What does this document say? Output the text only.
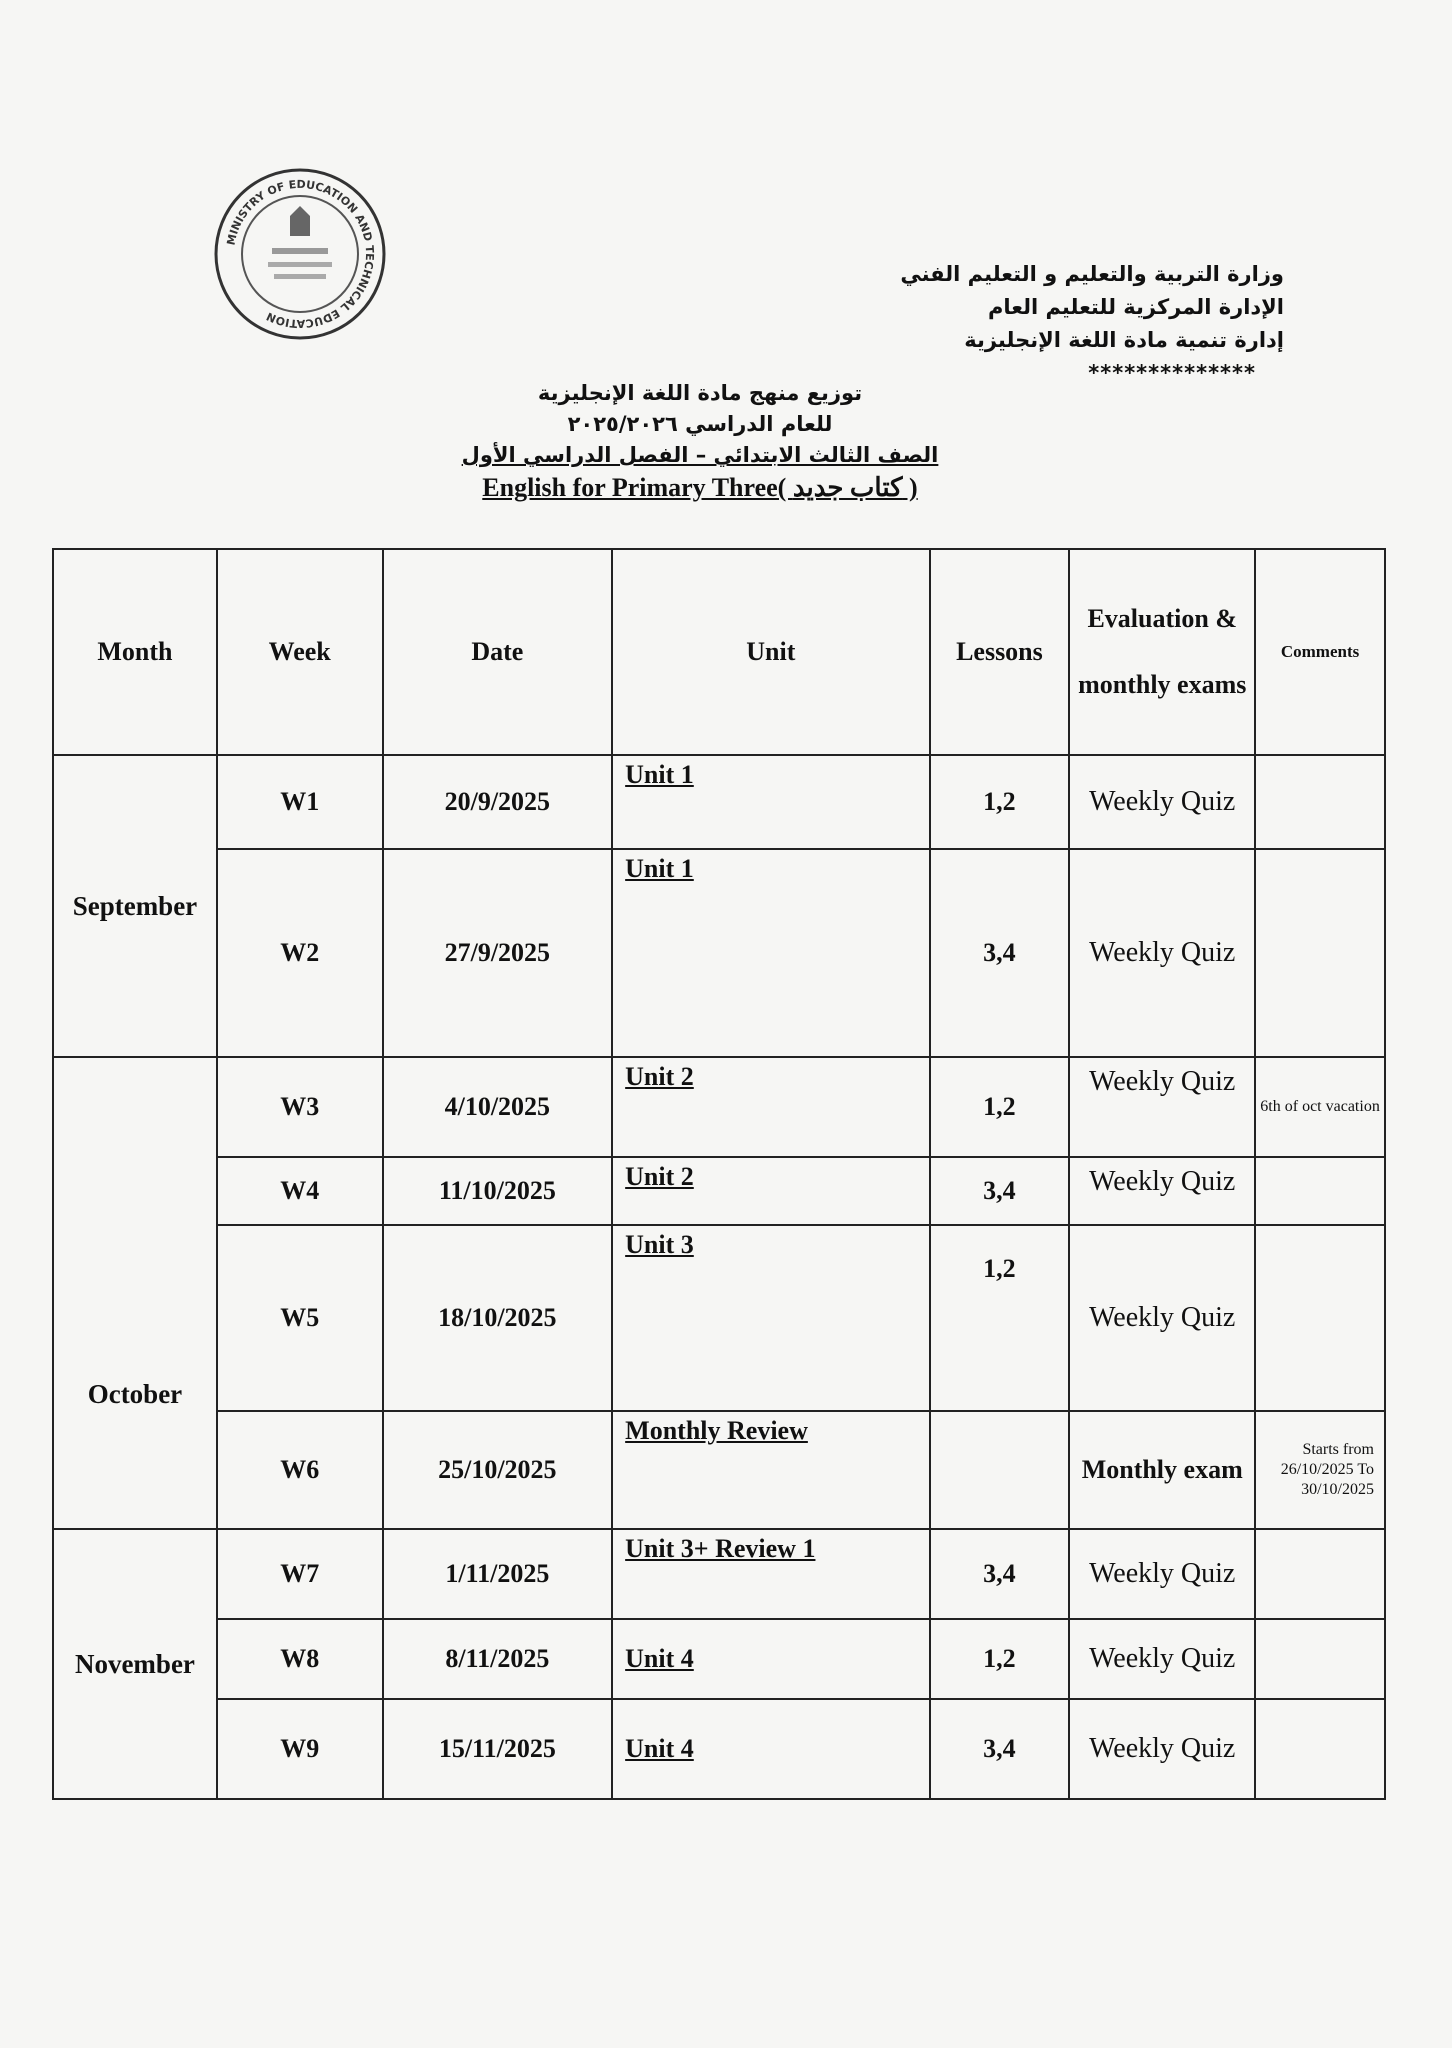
MINISTRY OF EDUCATION AND TECHNICAL EDUCATION
وزارة التربية والتعليم و التعليم الفني
الإدارة المركزية للتعليم العام
إدارة تنمية مادة اللغة الإنجليزية
**************
توزيع منهج مادة اللغة الإنجليزية
للعام الدراسي ٢٠٢٥/٢٠٢٦
الصف الثالث الابتدائي – الفصل الدراسي الأول
English for Primary Three( كتاب جديد )
Month	Week	Date	Unit	Lessons	Evaluation & monthly exams	Comments
September	W1	20/9/2025	Unit 1	1,2	Weekly Quiz	
	W2	27/9/2025	Unit 1	3,4	Weekly Quiz	
October	W3	4/10/2025	Unit 2	1,2	Weekly Quiz	6th of oct vacation
	W4	11/10/2025	Unit 2	3,4	Weekly Quiz	
	W5	18/10/2025	Unit 3	1,2	Weekly Quiz	
	W6	25/10/2025	Monthly Review		Monthly exam	Starts from 26/10/2025 To 30/10/2025
November	W7	1/11/2025	Unit 3+ Review 1	3,4	Weekly Quiz	
	W8	8/11/2025	Unit 4	1,2	Weekly Quiz	
	W9	15/11/2025	Unit 4	3,4	Weekly Quiz	
